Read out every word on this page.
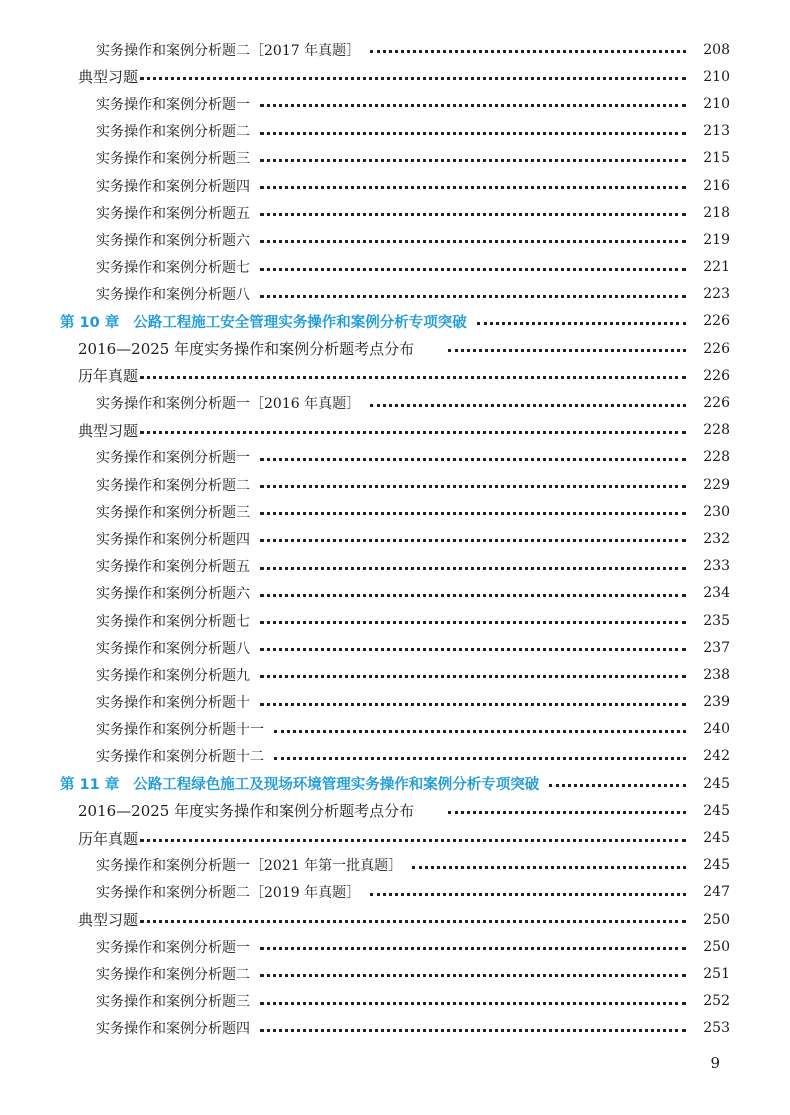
实务操作和案例分析题二［2017 年真题］	208
典型习题	210
实务操作和案例分析题一	210
实务操作和案例分析题二	213
实务操作和案例分析题三	215
实务操作和案例分析题四	216
实务操作和案例分析题五	218
实务操作和案例分析题六	219
实务操作和案例分析题七	221
实务操作和案例分析题八	223
第 10 章 公路工程施工安全管理实务操作和案例分析专项突破	226
2016—2025 年度实务操作和案例分析题考点分布	226
历年真题	226
实务操作和案例分析题一［2016 年真题］	226
典型习题	228
实务操作和案例分析题一	228
实务操作和案例分析题二	229
实务操作和案例分析题三	230
实务操作和案例分析题四	232
实务操作和案例分析题五	233
实务操作和案例分析题六	234
实务操作和案例分析题七	235
实务操作和案例分析题八	237
实务操作和案例分析题九	238
实务操作和案例分析题十	239
实务操作和案例分析题十一	240
实务操作和案例分析题十二	242
第 11 章 公路工程绿色施工及现场环境管理实务操作和案例分析专项突破	245
2016—2025 年度实务操作和案例分析题考点分布	245
历年真题	245
实务操作和案例分析题一［2021 年第一批真题］	245
实务操作和案例分析题二［2019 年真题］	247
典型习题	250
实务操作和案例分析题一	250
实务操作和案例分析题二	251
实务操作和案例分析题三	252
实务操作和案例分析题四	253
9
